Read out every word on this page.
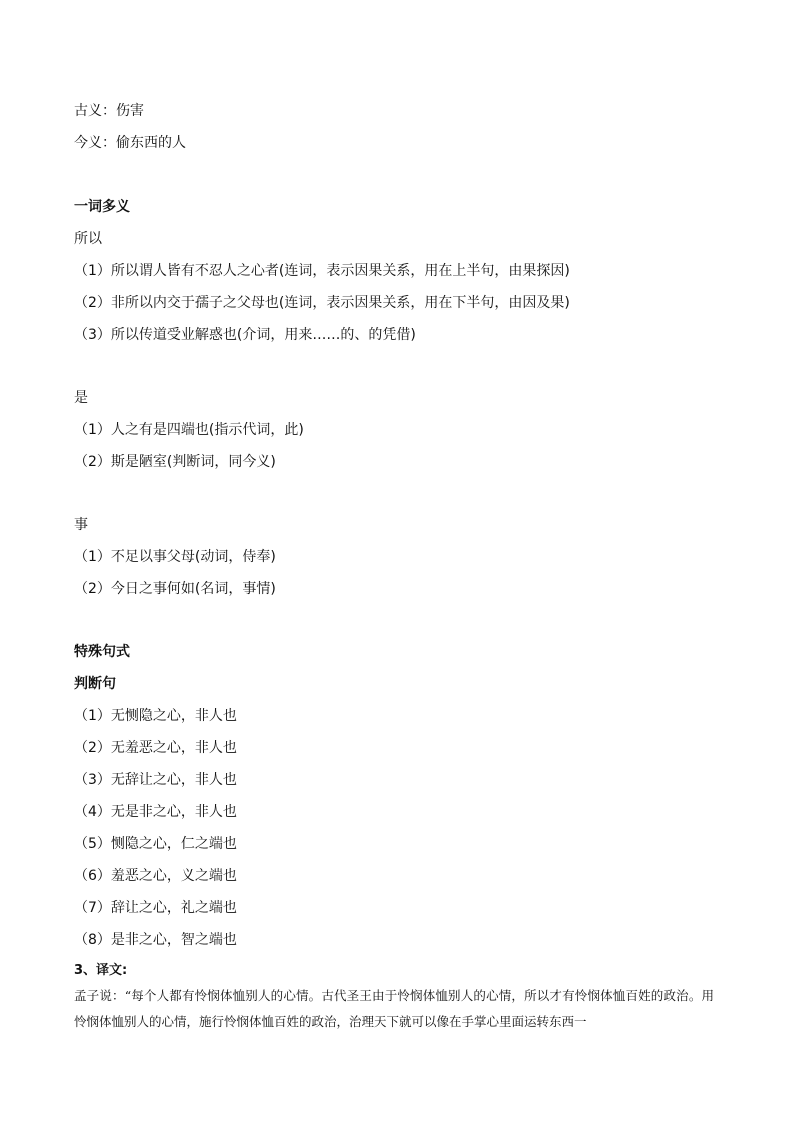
古义：伤害
今义：偷东西的人
一词多义
所以
（1）所以谓人皆有不忍人之心者(连词，表示因果关系，用在上半句，由果探因)
（2）非所以内交于孺子之父母也(连词，表示因果关系，用在下半句，由因及果)
（3）所以传道受业解惑也(介词，用来……的、的凭借)
是
（1）人之有是四端也(指示代词，此)
（2）斯是陋室(判断词，同今义)
事
（1）不足以事父母(动词，侍奉)
（2）今日之事何如(名词，事情)
特殊句式
判断句
（1）无恻隐之心，非人也
（2）无羞恶之心，非人也
（3）无辞让之心，非人也
（4）无是非之心，非人也
（5）恻隐之心，仁之端也
（6）羞恶之心，义之端也
（7）辞让之心，礼之端也
（8）是非之心，智之端也
3、译文:

孟子说：“每个人都有怜悯体恤别人的心情。古代圣王由于怜悯体恤别人的心情，所以才有怜悯体恤百姓的政治。用怜悯体恤别人的心情，施行怜悯体恤百姓的政治，治理天下就可以像在手掌心里面运转东西一
